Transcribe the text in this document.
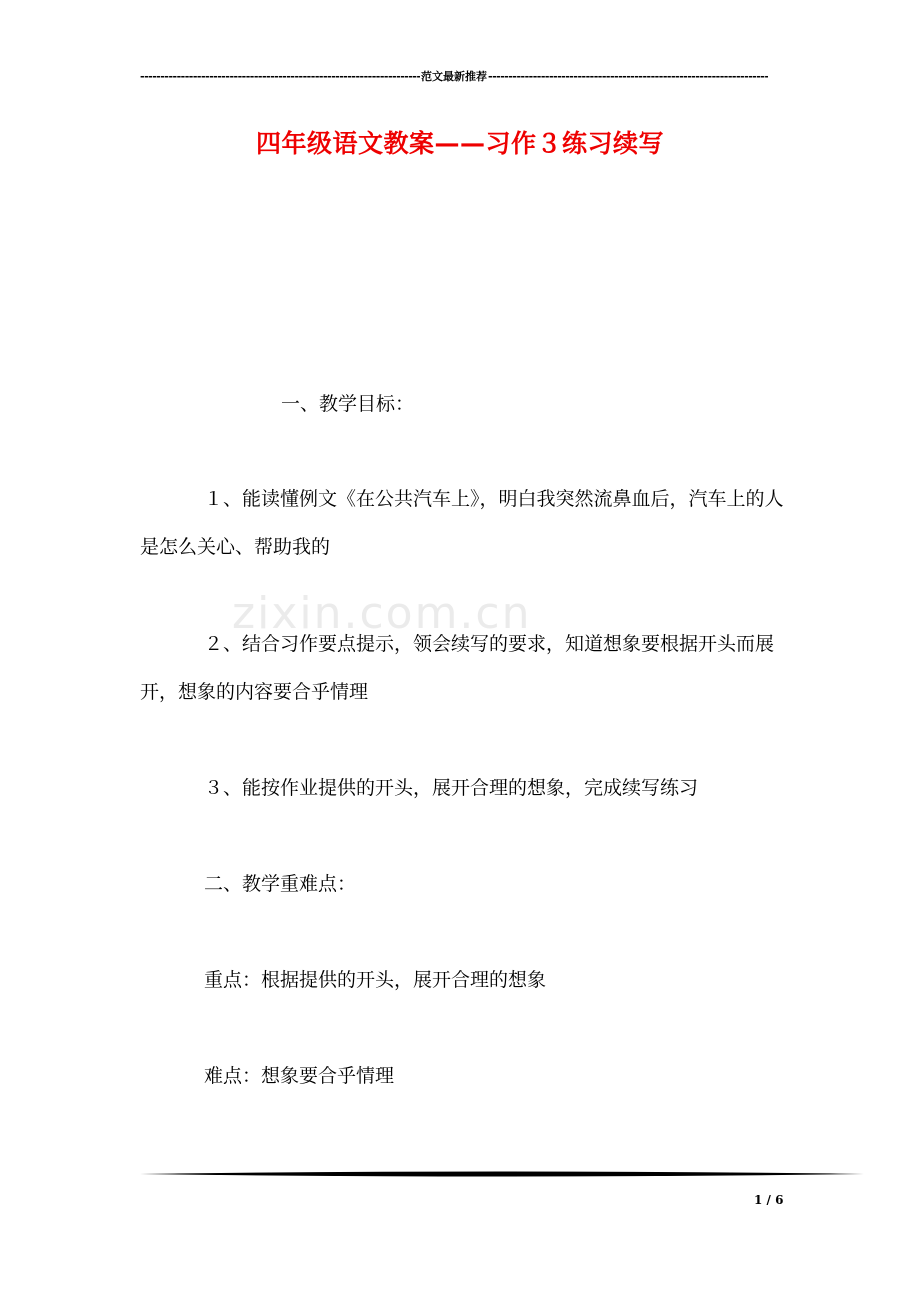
-----
范文最新推荐
-----
四年级语文教案——习作３练习续写
zixin.com.cn

一、教学目标：

１、能读懂例文《在公共汽车上》，明白我突然流鼻血后，汽车上的人是怎么关心、帮助我的

２、结合习作要点提示，领会续写的要求，知道想象要根据开头而展开，想象的内容要合乎情理

３、能按作业提供的开头，展开合理的想象，完成续写练习

二、教学重难点：

重点：根据提供的开头，展开合理的想象

难点：想象要合乎情理

1 / 6
